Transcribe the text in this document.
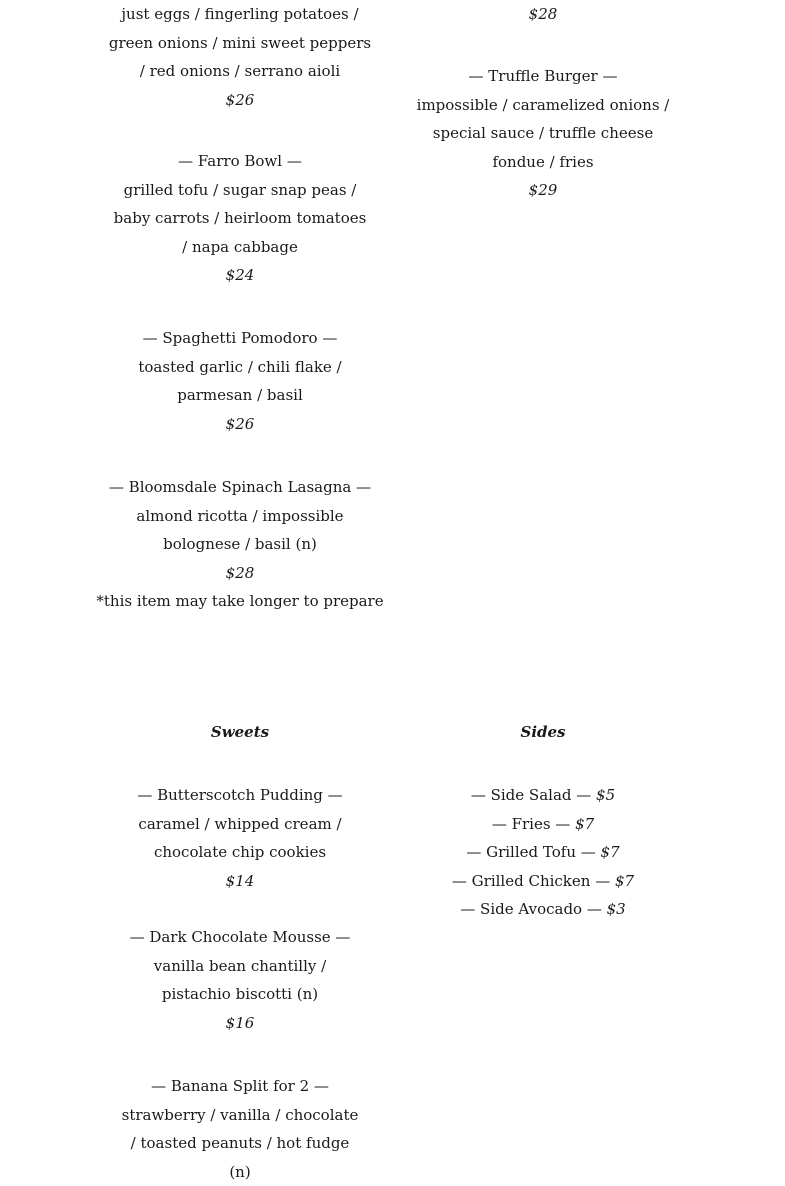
just eggs / fingerling potatoes / green onions / mini sweet peppers / red onions / serrano aioli

$26

— Farro Bowl —

grilled tofu / sugar snap peas / baby carrots / heirloom tomatoes / napa cabbage

$24

— Spaghetti Pomodoro —

toasted garlic / chili flake / parmesan / basil

$26

— Bloomsdale Spinach Lasagna —

almond ricotta / impossible bolognese / basil (n)

$28

*this item may take longer to prepare

$28

— Truffle Burger —

impossible / caramelized onions / special sauce / truffle cheese fondue / fries

$29

Sweets

— Butterscotch Pudding —

caramel / whipped cream / chocolate chip cookies

$14

— Dark Chocolate Mousse —

vanilla bean chantilly / pistachio biscotti (n)

$16

— Banana Split for 2 —

strawberry / vanilla / chocolate / toasted peanuts / hot fudge (n)

Sides

— Side Salad — $5

— Fries — $7

— Grilled Tofu — $7

— Grilled Chicken — $7

— Side Avocado — $3
